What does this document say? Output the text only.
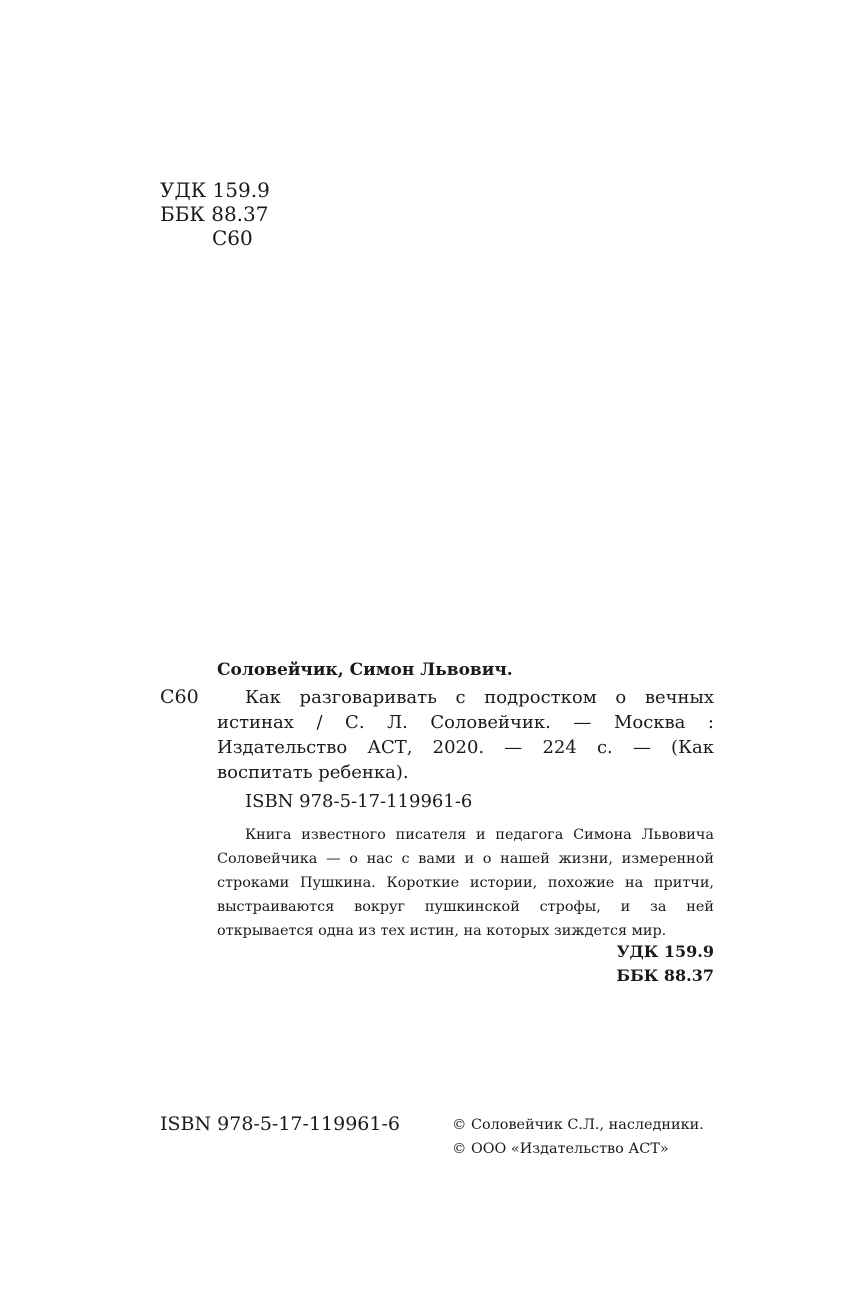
УДК 159.9
ББК 88.37
С60

Соловейчик, Симон Львович.

С60	Как разговаривать с подростком о вечных истинах / С. Л. Соловейчик. — Москва : Издательство АСТ, 2020. — 224 с. — (Как воспитать ребенка).

ISBN 978-5-17-119961-6

Книга известного писателя и педагога Симона Львовича Соловейчика — о нас с вами и о нашей жизни, измеренной строками Пушкина. Короткие истории, похожие на притчи, выстраиваются вокруг пушкинской строфы, и за ней открывается одна из тех истин, на которых зиждется мир.

УДК 159.9
ББК 88.37

ISBN 978-5-17-119961-6	© Соловейчик С.Л., наследники.
© ООО «Издательство АСТ»
